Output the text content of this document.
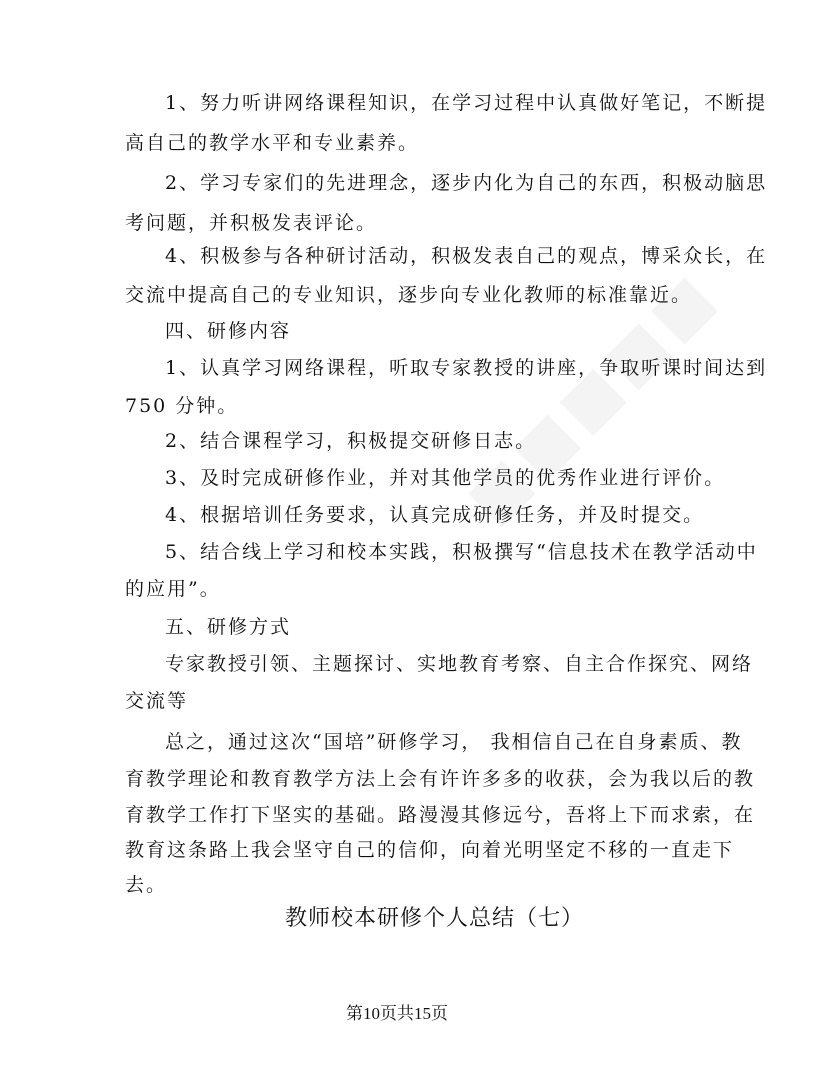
1、努力听讲网络课程知识，在学习过程中认真做好笔记，不断提
高自己的教学水平和专业素养。
2、学习专家们的先进理念，逐步内化为自己的东西，积极动脑思
考问题，并积极发表评论。
4、积极参与各种研讨活动，积极发表自己的观点，博采众长，在
交流中提高自己的专业知识，逐步向专业化教师的标准靠近。
四、研修内容
1、认真学习网络课程，听取专家教授的讲座，争取听课时间达到
750 分钟。
2、结合课程学习，积极提交研修日志。
3、及时完成研修作业，并对其他学员的优秀作业进行评价。
4、根据培训任务要求，认真完成研修任务，并及时提交。
5、结合线上学习和校本实践，积极撰写“信息技术在教学活动中
的应用”。
五、研修方式
专家教授引领、主题探讨、实地教育考察、自主合作探究、网络
交流等
总之，通过这次“国培”研修学习， 我相信自己在自身素质、教
育教学理论和教育教学方法上会有许许多多的收获，会为我以后的教
育教学工作打下坚实的基础。路漫漫其修远兮，吾将上下而求索，在
教育这条路上我会坚守自己的信仰，向着光明坚定不移的一直走下
去。
教师校本研修个人总结（七）
第10页共15页
